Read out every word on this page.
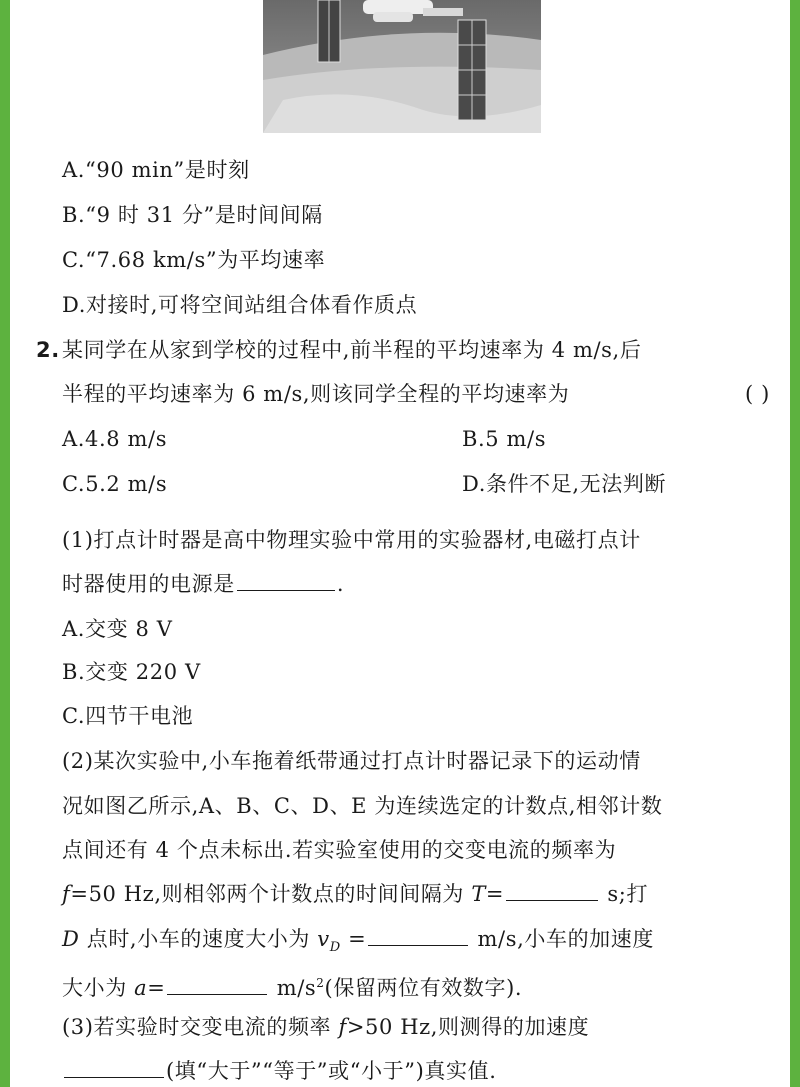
A.“90 min”是时刻
B.“9 时 31 分”是时间间隔
C.“7.68 km/s”为平均速率
D.对接时,可将空间站组合体看作质点
2. 某同学在从家到学校的过程中,前半程的平均速率为 4 m/s,后
半程的平均速率为 6 m/s,则该同学全程的平均速率为	( )
A.4.8 m/s	B.5 m/s
C.5.2 m/s	D.条件不足,无法判断
(1)打点计时器是高中物理实验中常用的实验器材,电磁打点计
时器使用的电源是	.
A.交变 8 V
B.交变 220 V
C.四节干电池
(2)某次实验中,小车拖着纸带通过打点计时器记录下的运动情
况如图乙所示,A、B、C、D、E 为连续选定的计数点,相邻计数
点间还有 4 个点未标出.若实验室使用的交变电流的频率为
f=50 Hz,则相邻两个计数点的时间间隔为 T=	s;打
D 点时,小车的速度大小为 $v_D$ =	m/s,小车的加速度
大小为 a=	$m/s^2$(保留两位有效数字).
(3)若实验时交变电流的频率 f>50 Hz,则测得的加速度
(填“大于”“等于”或“小于”)真实值.
